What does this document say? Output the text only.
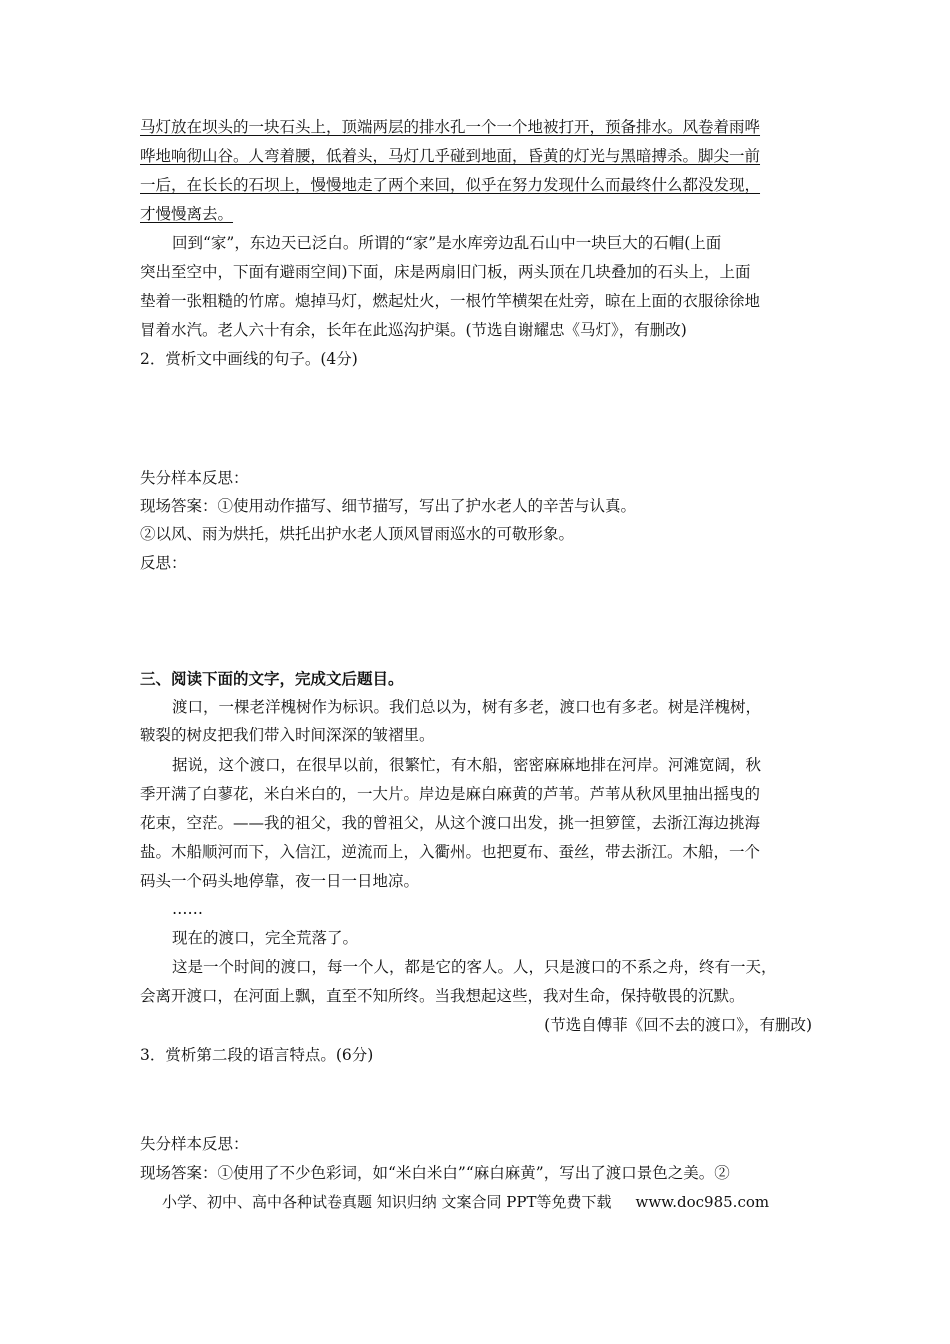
马灯放在坝头的一块石头上，顶端两层的排水孔一个一个地被打开，预备排水。风卷着雨哗
哗地响彻山谷。人弯着腰，低着头，马灯几乎碰到地面，昏黄的灯光与黑暗搏杀。脚尖一前
一后，在长长的石坝上，慢慢地走了两个来回，似乎在努力发现什么而最终什么都没发现，
才慢慢离去。
回到“家”，东边天已泛白。所谓的“家”是水库旁边乱石山中一块巨大的石帽(上面
突出至空中，下面有避雨空间)下面，床是两扇旧门板，两头顶在几块叠加的石头上，上面
垫着一张粗糙的竹席。熄掉马灯，燃起灶火，一根竹竿横架在灶旁，晾在上面的衣服徐徐地
冒着水汽。老人六十有余，长年在此巡沟护渠。(节选自谢耀忠《马灯》，有删改)
2．赏析文中画线的句子。(4分)
失分样本反思：
现场答案：①使用动作描写、细节描写，写出了护水老人的辛苦与认真。
②以风、雨为烘托，烘托出护水老人顶风冒雨巡水的可敬形象。
反思：
三、阅读下面的文字，完成文后题目。
渡口，一棵老洋槐树作为标识。我们总以为，树有多老，渡口也有多老。树是洋槐树，
皲裂的树皮把我们带入时间深深的皱褶里。
据说，这个渡口，在很早以前，很繁忙，有木船，密密麻麻地排在河岸。河滩宽阔，秋
季开满了白蓼花，米白米白的，一大片。岸边是麻白麻黄的芦苇。芦苇从秋风里抽出摇曳的
花束，空茫。——我的祖父，我的曾祖父，从这个渡口出发，挑一担箩筐，去浙江海边挑海
盐。木船顺河而下，入信江，逆流而上，入衢州。也把夏布、蚕丝，带去浙江。木船，一个
码头一个码头地停靠，夜一日一日地凉。
……
现在的渡口，完全荒落了。
这是一个时间的渡口，每一个人，都是它的客人。人，只是渡口的不系之舟，终有一天，
会离开渡口，在河面上飘，直至不知所终。当我想起这些，我对生命，保持敬畏的沉默。
(节选自傅菲《回不去的渡口》，有删改)
3．赏析第二段的语言特点。(6分)
失分样本反思：
现场答案：①使用了不少色彩词，如“米白米白”“麻白麻黄”，写出了渡口景色之美。②
小学、初中、高中各种试卷真题 知识归纳 文案合同 PPT等免费下载 www.doc985.com
